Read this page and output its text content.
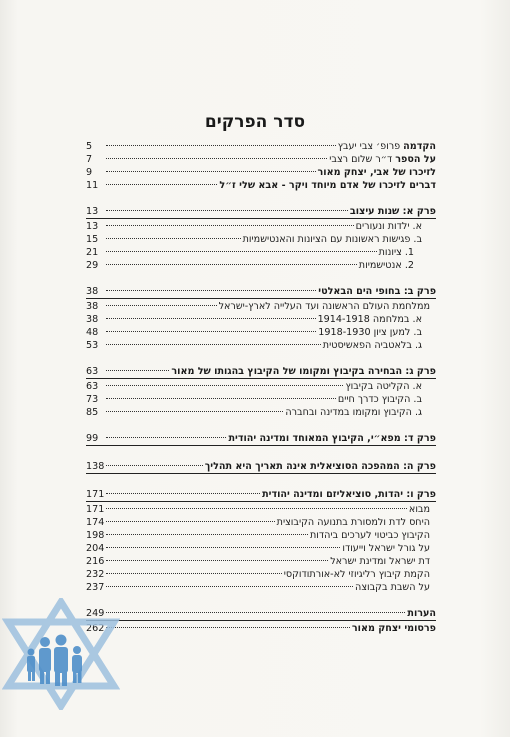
סדר הפרקים
הקדמה פרופ׳ צבי יעבץ
5
על הספר ד״ר שלום רצבי
7
לזיכרו של אבי, יצחק מאור
9
דברים לזיכרו של אדם מיוחד ויקר - אבא שלי ז״ל
11
פרק א: שנות עיצוב
13
א. ילדות ונעורים
13
ב. פגישות ראשונות עם הציונות והאנטישמיות
15
1. ציונות
21
2. אנטישמיות
29
פרק ב: בחופי הים הבאלטי
38
ממלחמת העולם הראשונה ועד העלייה לארץ-ישראל
38
א. במלחמה 1914-1918
38
ב. למען ציון 1918-1930
48
ג. בלאטביה הפאשיסטית
53
פרק ג: הבחירה בקיבוץ ומקומו של הקיבוץ בהגותו של מאור
63
א. הקליטה בקיבוץ
63
ב. הקיבוץ כדרך חיים
73
ג. הקיבוץ ומקומו במדינה ובחברה
85
פרק ד: מפא״י, הקיבוץ המאוחד ומדינה יהודית
99
פרק ה: המהפכה הסוציאלית אינה תאריך היא תהליך
138
פרק ו: יהדות, סוציאליזם ומדינה יהודית
171
מבוא
171
היחס לדת ולמסורת בתנועה הקיבוצית
174
הקיבוץ כביטוי לערכים ביהדות
198
על גורל ישראל וייעודו
204
דת ישראל ומדינת ישראל
216
הקמת קיבוץ רליגיוזי לא-אורתודוקסי
232
על השבת בקבוצה
237
הערות
249
פרסומי יצחק מאור
262
